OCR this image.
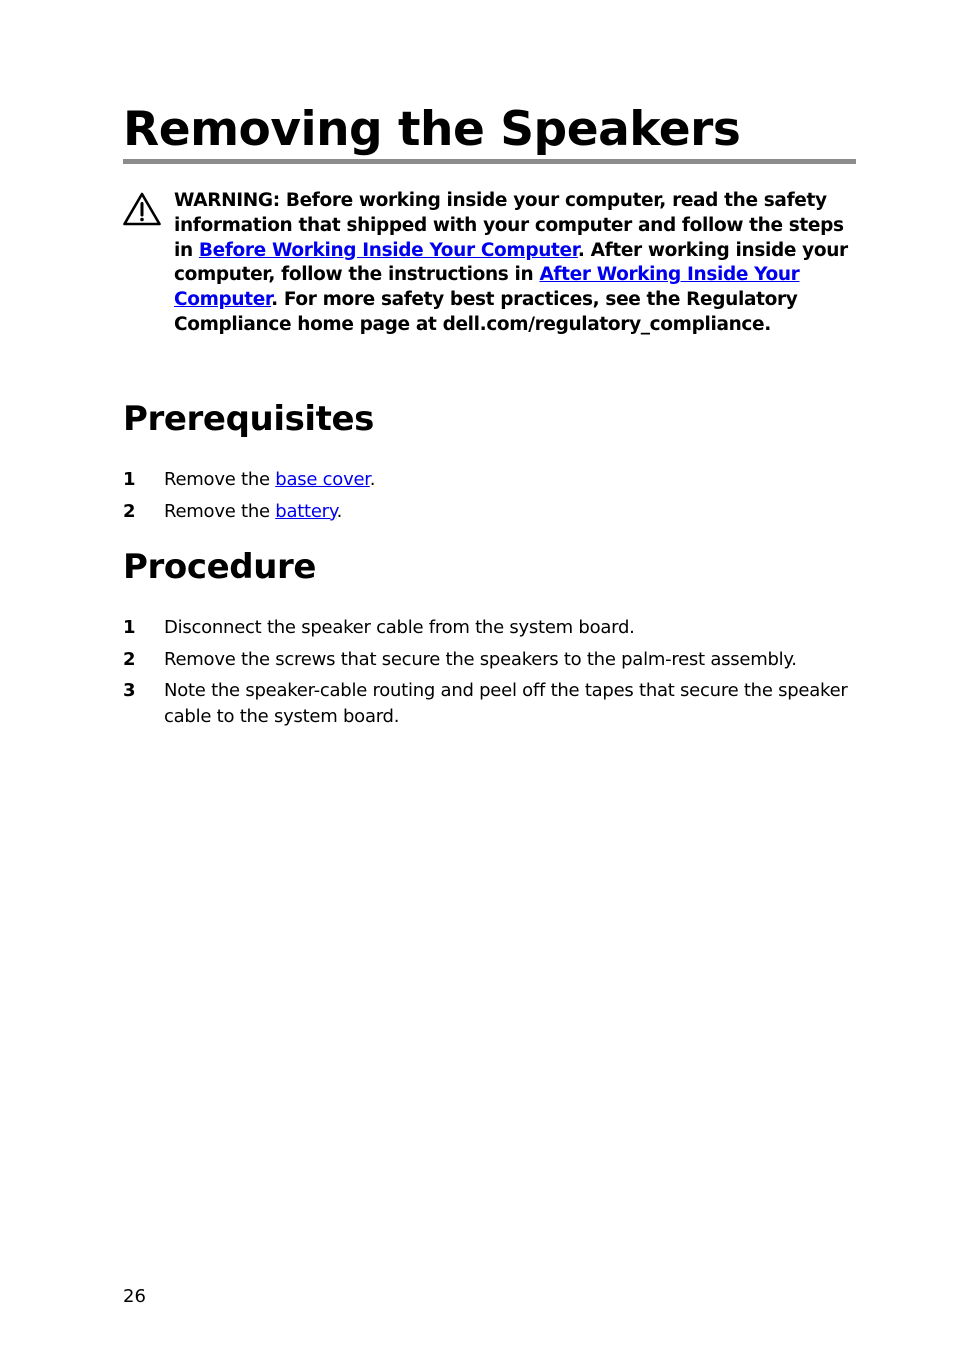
Removing the Speakers

WARNING: Before working inside your computer, read the safety information that shipped with your computer and follow the steps in Before Working Inside Your Computer. After working inside your computer, follow the instructions in After Working Inside Your Computer. For more safety best practices, see the Regulatory Compliance home page at dell.com/regulatory_compliance.

Prerequisites
1 Remove the base cover.
2 Remove the battery.
Procedure
1 Disconnect the speaker cable from the system board.
2 Remove the screws that secure the speakers to the palm-rest assembly.
3 Note the speaker-cable routing and peel off the tapes that secure the speaker cable to the system board.
26
